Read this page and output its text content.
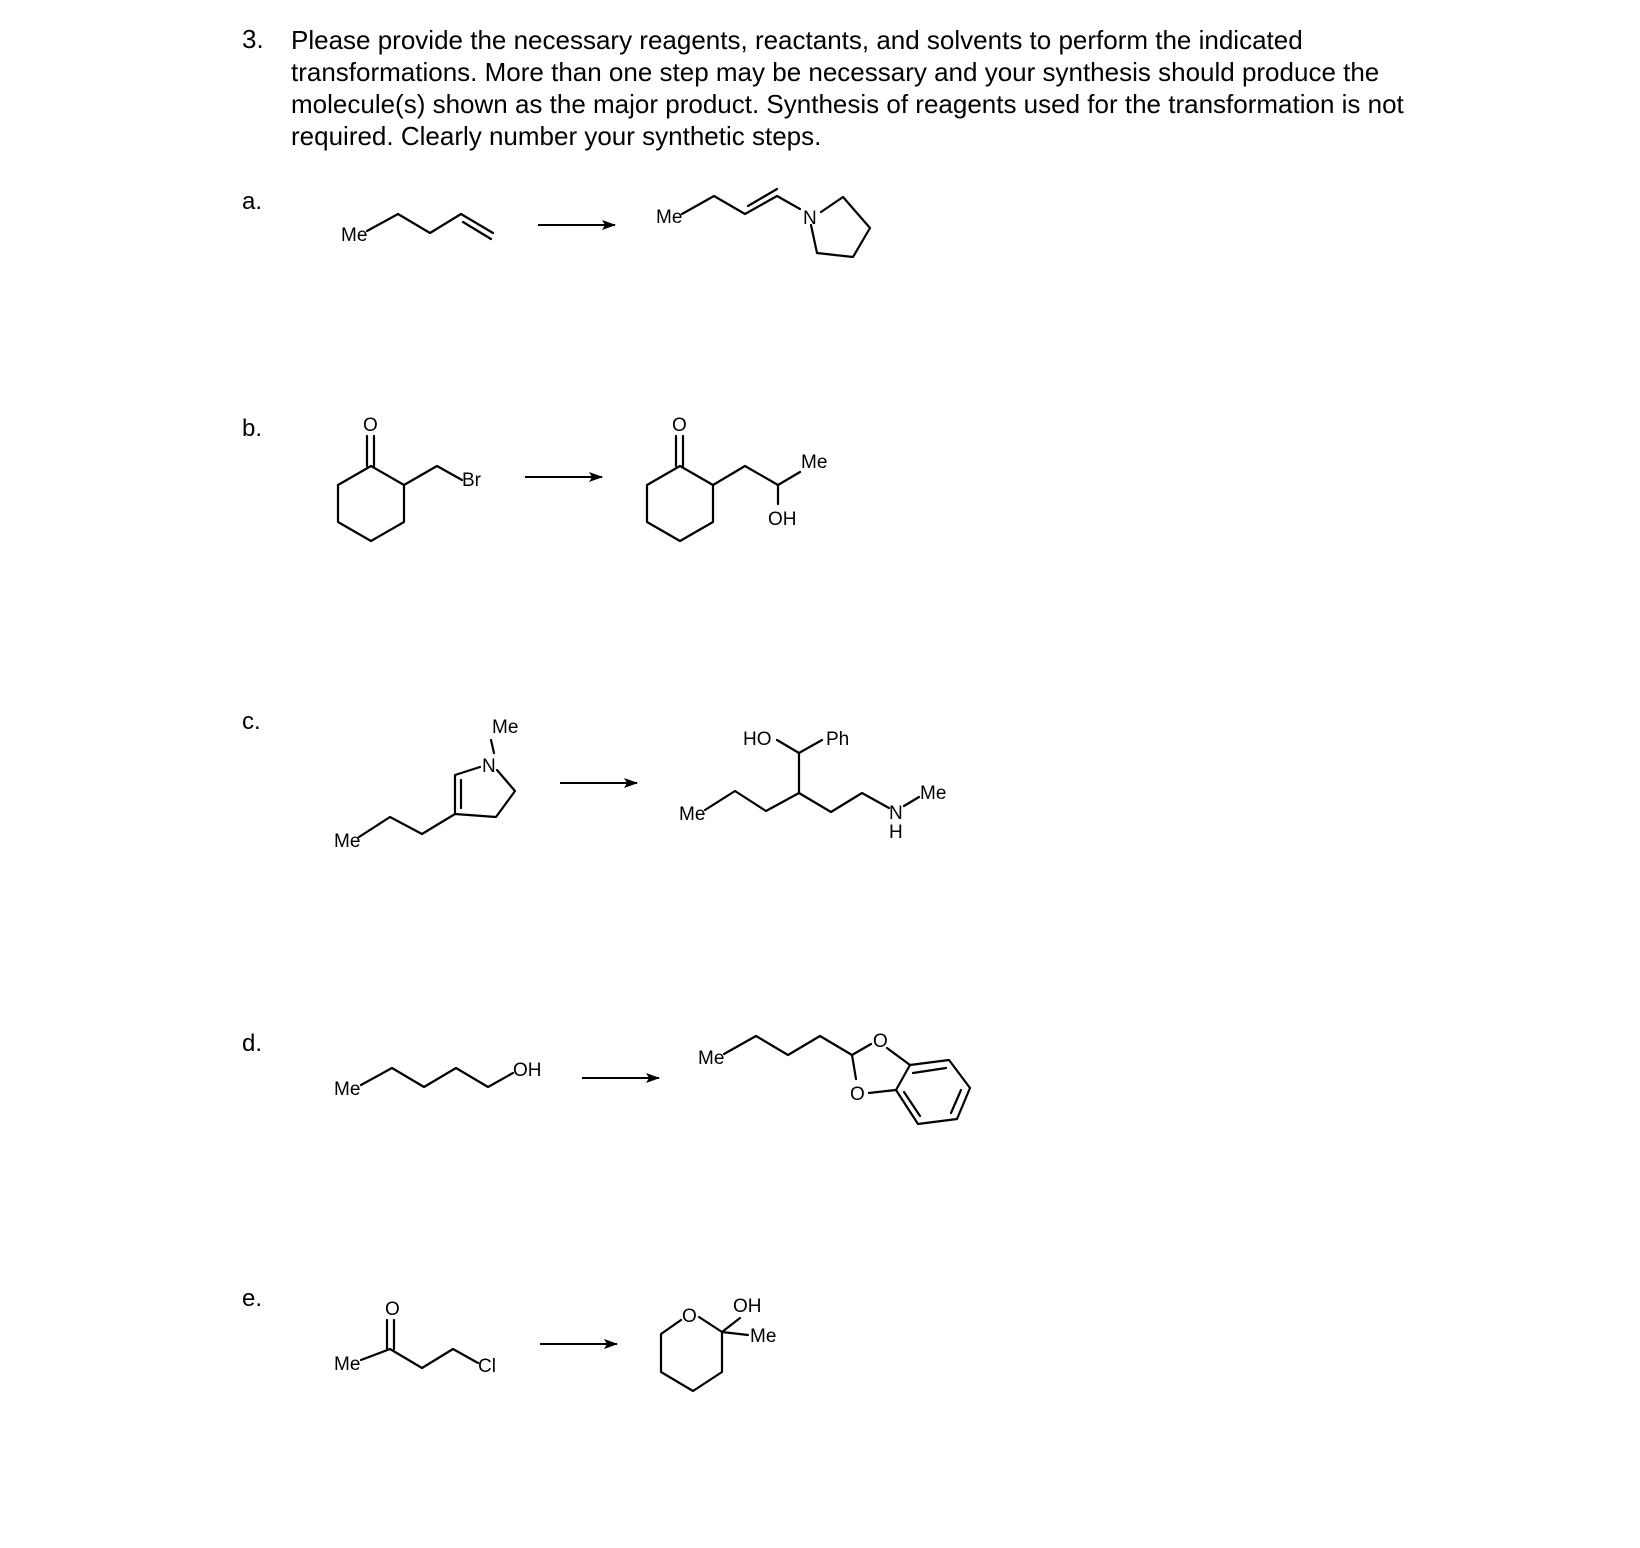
3. Please provide the necessary reagents, reactants, and solvents to perform the indicated
transformations. More than one step may be necessary and your synthesis should produce the
molecule(s) shown as the major product. Synthesis of reagents used for the transformation is not
required. Clearly number your synthetic steps.
a.
b.
c.
d.
e.
Me
Me	N
O
Br
O
Me
OH
Me
N
Me
HO	Ph
Me	N
H
Me
Me
OH
Me
O
O
O
Me	Cl
O OH
Me
